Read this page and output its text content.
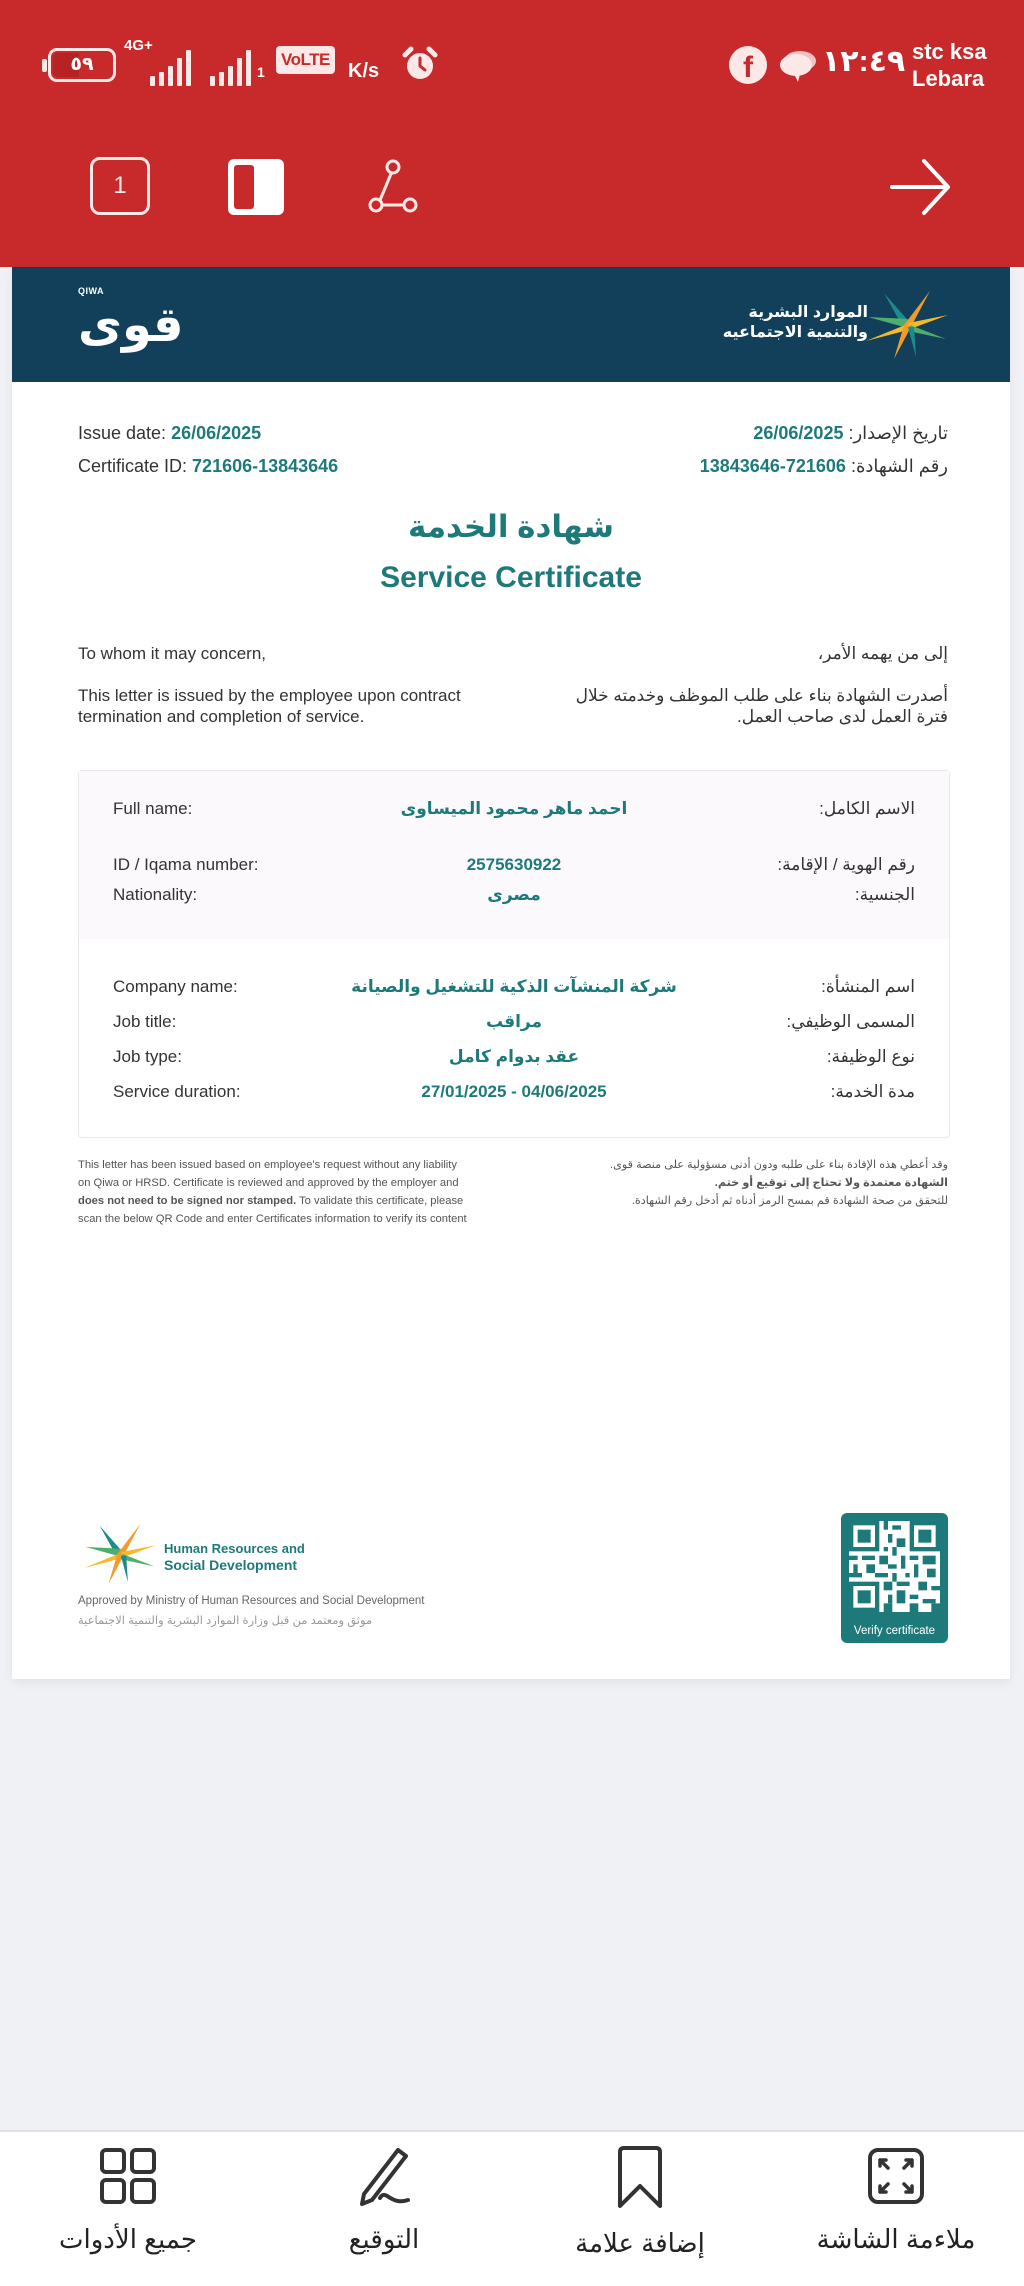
٥٩
4G+
1
VoLTE
K/s	f	١٢:٤٩ stc ksa
Lebara
1
QIWA
قوى	الموارد البشرية
والتنمية الاجتماعيه
Issue date: 26/06/2025	تاريخ الإصدار: 26/06/2025
Certificate ID: 721606-13843646	رقم الشهادة: 721606-13843646
شهادة الخدمة
Service Certificate
To whom it may concern,	إلى من يهمه الأمر،
This letter is issued by the employee upon contract termination and completion of service.
أصدرت الشهادة بناء على طلب الموظف وخدمته خلال فترة العمل لدى صاحب العمل.
Full name:	احمد ماهر محمود الميساوى	الاسم الكامل:
ID / Iqama number:	2575630922	رقم الهوية / الإقامة:
Nationality:	مصرى	الجنسية:
Company name:	شركة المنشآت الذكية للتشغيل والصيانة	اسم المنشأة:
Job title:	مراقب	المسمى الوظيفي:
Job type:	عقد بدوام كامل	نوع الوظيفة:
Service duration:	27/01/2025 - 04/06/2025	مدة الخدمة:
This letter has been issued based on employee's request without any liability on Qiwa or HRSD. Certificate is reviewed and approved by the employer and does not need to be signed nor stamped. To validate this certificate, please scan the below QR Code and enter Certificates information to verify its content
وقد أعطي هذه الإفادة بناء على طلبه ودون أدنى مسؤولية على منصة قوى.
الشهادة معتمدة ولا تحتاج إلى توقيع أو ختم.
للتحقق من صحة الشهادة قم بمسح الرمز أدناه ثم أدخل رقم الشهادة.
Human Resources and
Social Development
Approved by Ministry of Human Resources and Social Development
موثق ومعتمد من قبل وزارة الموارد البشرية والتنمية الاجتماعية
Verify certificate
جميع الأدوات	التوقيع	إضافة علامة	ملاءمة الشاشة
